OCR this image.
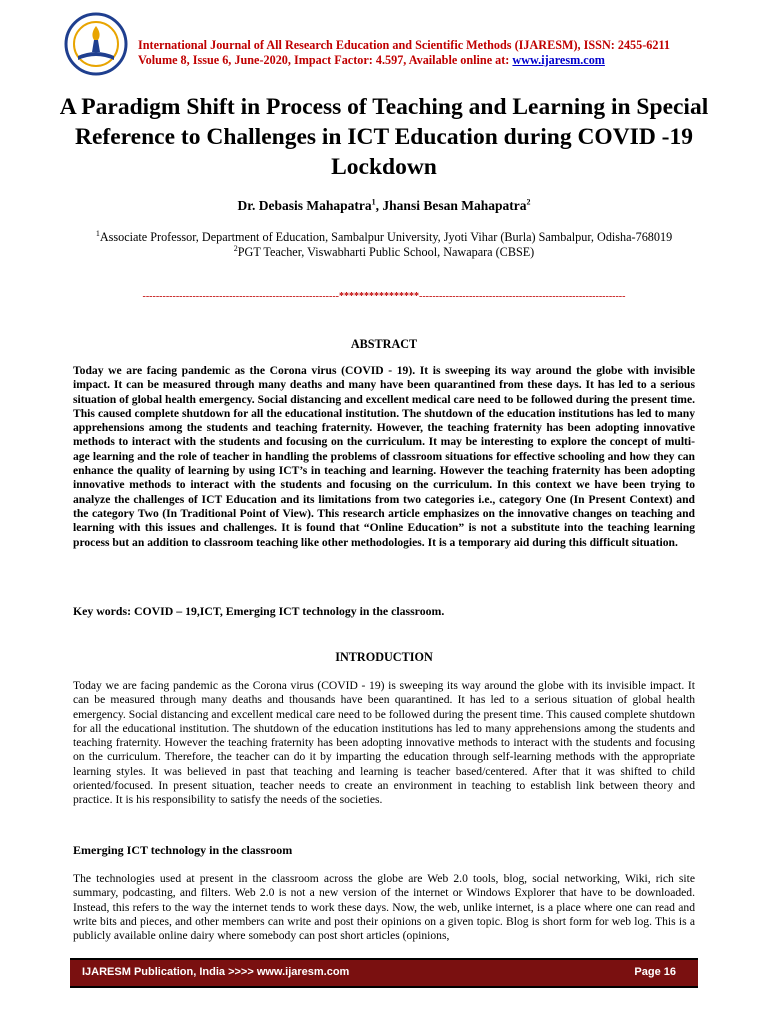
International Journal of All Research Education and Scientific Methods (IJARESM), ISSN: 2455-6211
Volume 8, Issue 6, June-2020, Impact Factor: 4.597, Available online at: www.ijaresm.com
A Paradigm Shift in Process of Teaching and Learning in Special Reference to Challenges in ICT Education during COVID -19 Lockdown
Dr. Debasis Mahapatra$^1$, Jhansi Besan Mahapatra$^2$
$^1$Associate Professor, Department of Education, Sambalpur University, Jyoti Vihar (Burla) Sambalpur, Odisha-768019
$^2$PGT Teacher, Viswabharti Public School, Nawapara (CBSE)
-----------------------------------------------------------****************--------------------------------------------------------------
ABSTRACT
Today we are facing pandemic as the Corona virus (COVID - 19). It is sweeping its way around the globe with invisible impact. It can be measured through many deaths and many have been quarantined from these days. It has led to a serious situation of global health emergency. Social distancing and excellent medical care need to be followed during the present time. This caused complete shutdown for all the educational institution. The shutdown of the education institutions has led to many apprehensions among the students and teaching fraternity. However, the teaching fraternity has been adopting innovative methods to interact with the students and focusing on the curriculum. It may be interesting to explore the concept of multi-age learning and the role of teacher in handling the problems of classroom situations for effective schooling and how they can enhance the quality of learning by using ICT’s in teaching and learning. However the teaching fraternity has been adopting innovative methods to interact with the students and focusing on the curriculum. In this context we have been trying to analyze the challenges of ICT Education and its limitations from two categories i.e., category One (In Present Context) and the category Two (In Traditional Point of View). This research article emphasizes on the innovative changes on teaching and learning with this issues and challenges. It is found that “Online Education” is not a substitute into the teaching learning process but an addition to classroom teaching like other methodologies. It is a temporary aid during this difficult situation.
Key words: COVID – 19,ICT, Emerging ICT technology in the classroom.
INTRODUCTION
Today we are facing pandemic as the Corona virus (COVID - 19) is sweeping its way around the globe with its invisible impact. It can be measured through many deaths and thousands have been quarantined. It has led to a serious situation of global health emergency. Social distancing and excellent medical care need to be followed during the present time. This caused complete shutdown for all the educational institution. The shutdown of the education institutions has led to many apprehensions among the students and teaching fraternity. However the teaching fraternity has been adopting innovative methods to interact with the students and focusing on the curriculum. Therefore, the teacher can do it by imparting the education through self-learning methods with the appropriate learning styles. It was believed in past that teaching and learning is teacher based/centered. After that it was shifted to child oriented/focused. In present situation, teacher needs to create an environment in teaching to establish link between theory and practice. It is his responsibility to satisfy the needs of the societies.
Emerging ICT technology in the classroom
The technologies used at present in the classroom across the globe are Web 2.0 tools, blog, social networking, Wiki, rich site summary, podcasting, and filters. Web 2.0 is not a new version of the internet or Windows Explorer that have to be downloaded. Instead, this refers to the way the internet tends to work these days. Now, the web, unlike internet, is a place where one can read and write bits and pieces, and other members can write and post their opinions on a given topic. Blog is short form for web log. This is a publicly available online dairy where somebody can post short articles (opinions,
IJARESM Publication, India >>>> www.ijaresm.com	Page 16
